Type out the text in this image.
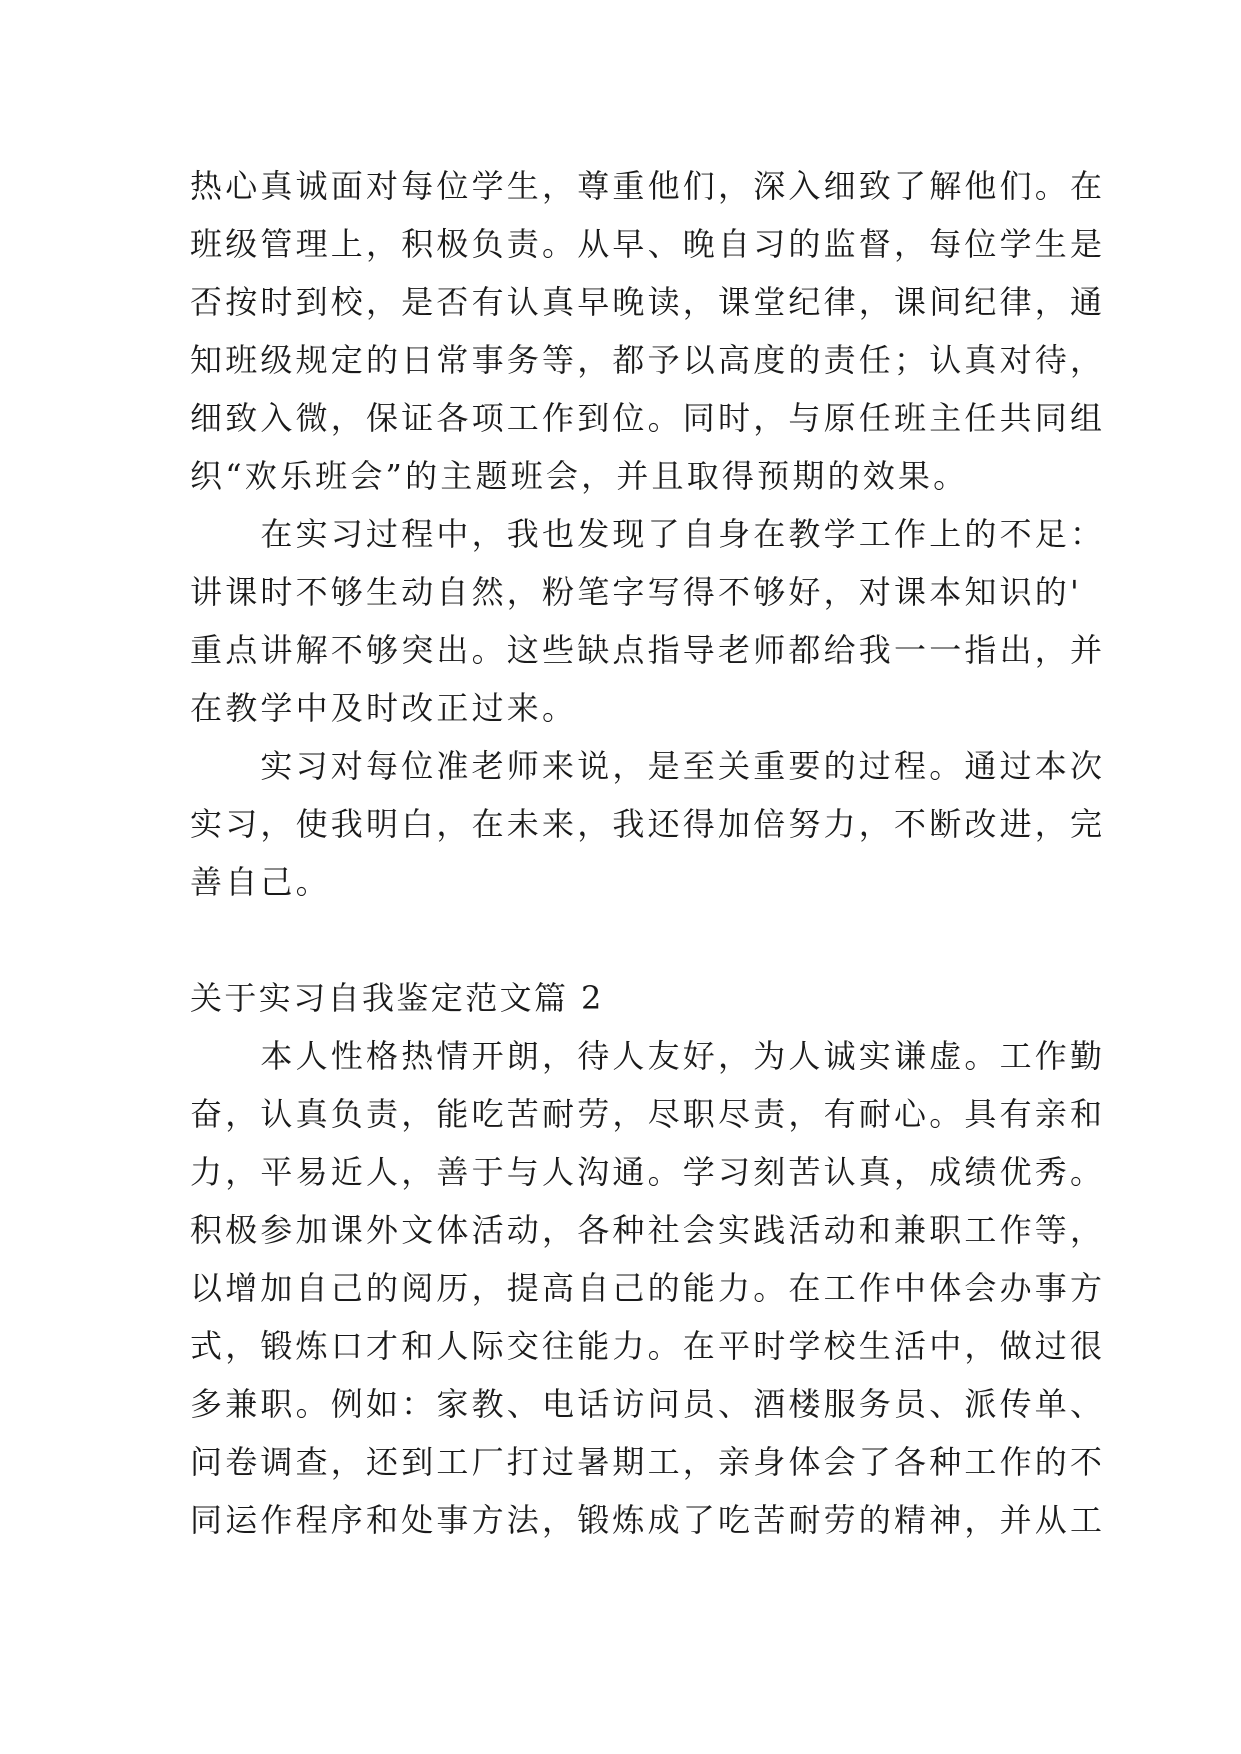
热心真诚面对每位学生，尊重他们，深入细致了解他们。在
班级管理上，积极负责。从早、晚自习的监督，每位学生是
否按时到校，是否有认真早晚读，课堂纪律，课间纪律，通
知班级规定的日常事务等，都予以高度的责任；认真对待，
细致入微，保证各项工作到位。同时，与原任班主任共同组
织“欢乐班会”的主题班会，并且取得预期的效果。
　　在实习过程中，我也发现了自身在教学工作上的不足：
讲课时不够生动自然，粉笔字写得不够好，对课本知识的'
重点讲解不够突出。这些缺点指导老师都给我一一指出，并
在教学中及时改正过来。
　　实习对每位准老师来说，是至关重要的过程。通过本次
实习，使我明白，在未来，我还得加倍努力，不断改进，完
善自己。
关于实习自我鉴定范文篇 2
　　本人性格热情开朗，待人友好，为人诚实谦虚。工作勤
奋，认真负责，能吃苦耐劳，尽职尽责，有耐心。具有亲和
力，平易近人，善于与人沟通。学习刻苦认真，成绩优秀。
积极参加课外文体活动，各种社会实践活动和兼职工作等，
以增加自己的阅历，提高自己的能力。在工作中体会办事方
式，锻炼口才和人际交往能力。在平时学校生活中，做过很
多兼职。例如：家教、电话访问员、酒楼服务员、派传单、
问卷调查，还到工厂打过暑期工，亲身体会了各种工作的不
同运作程序和处事方法，锻炼成了吃苦耐劳的精神，并从工
